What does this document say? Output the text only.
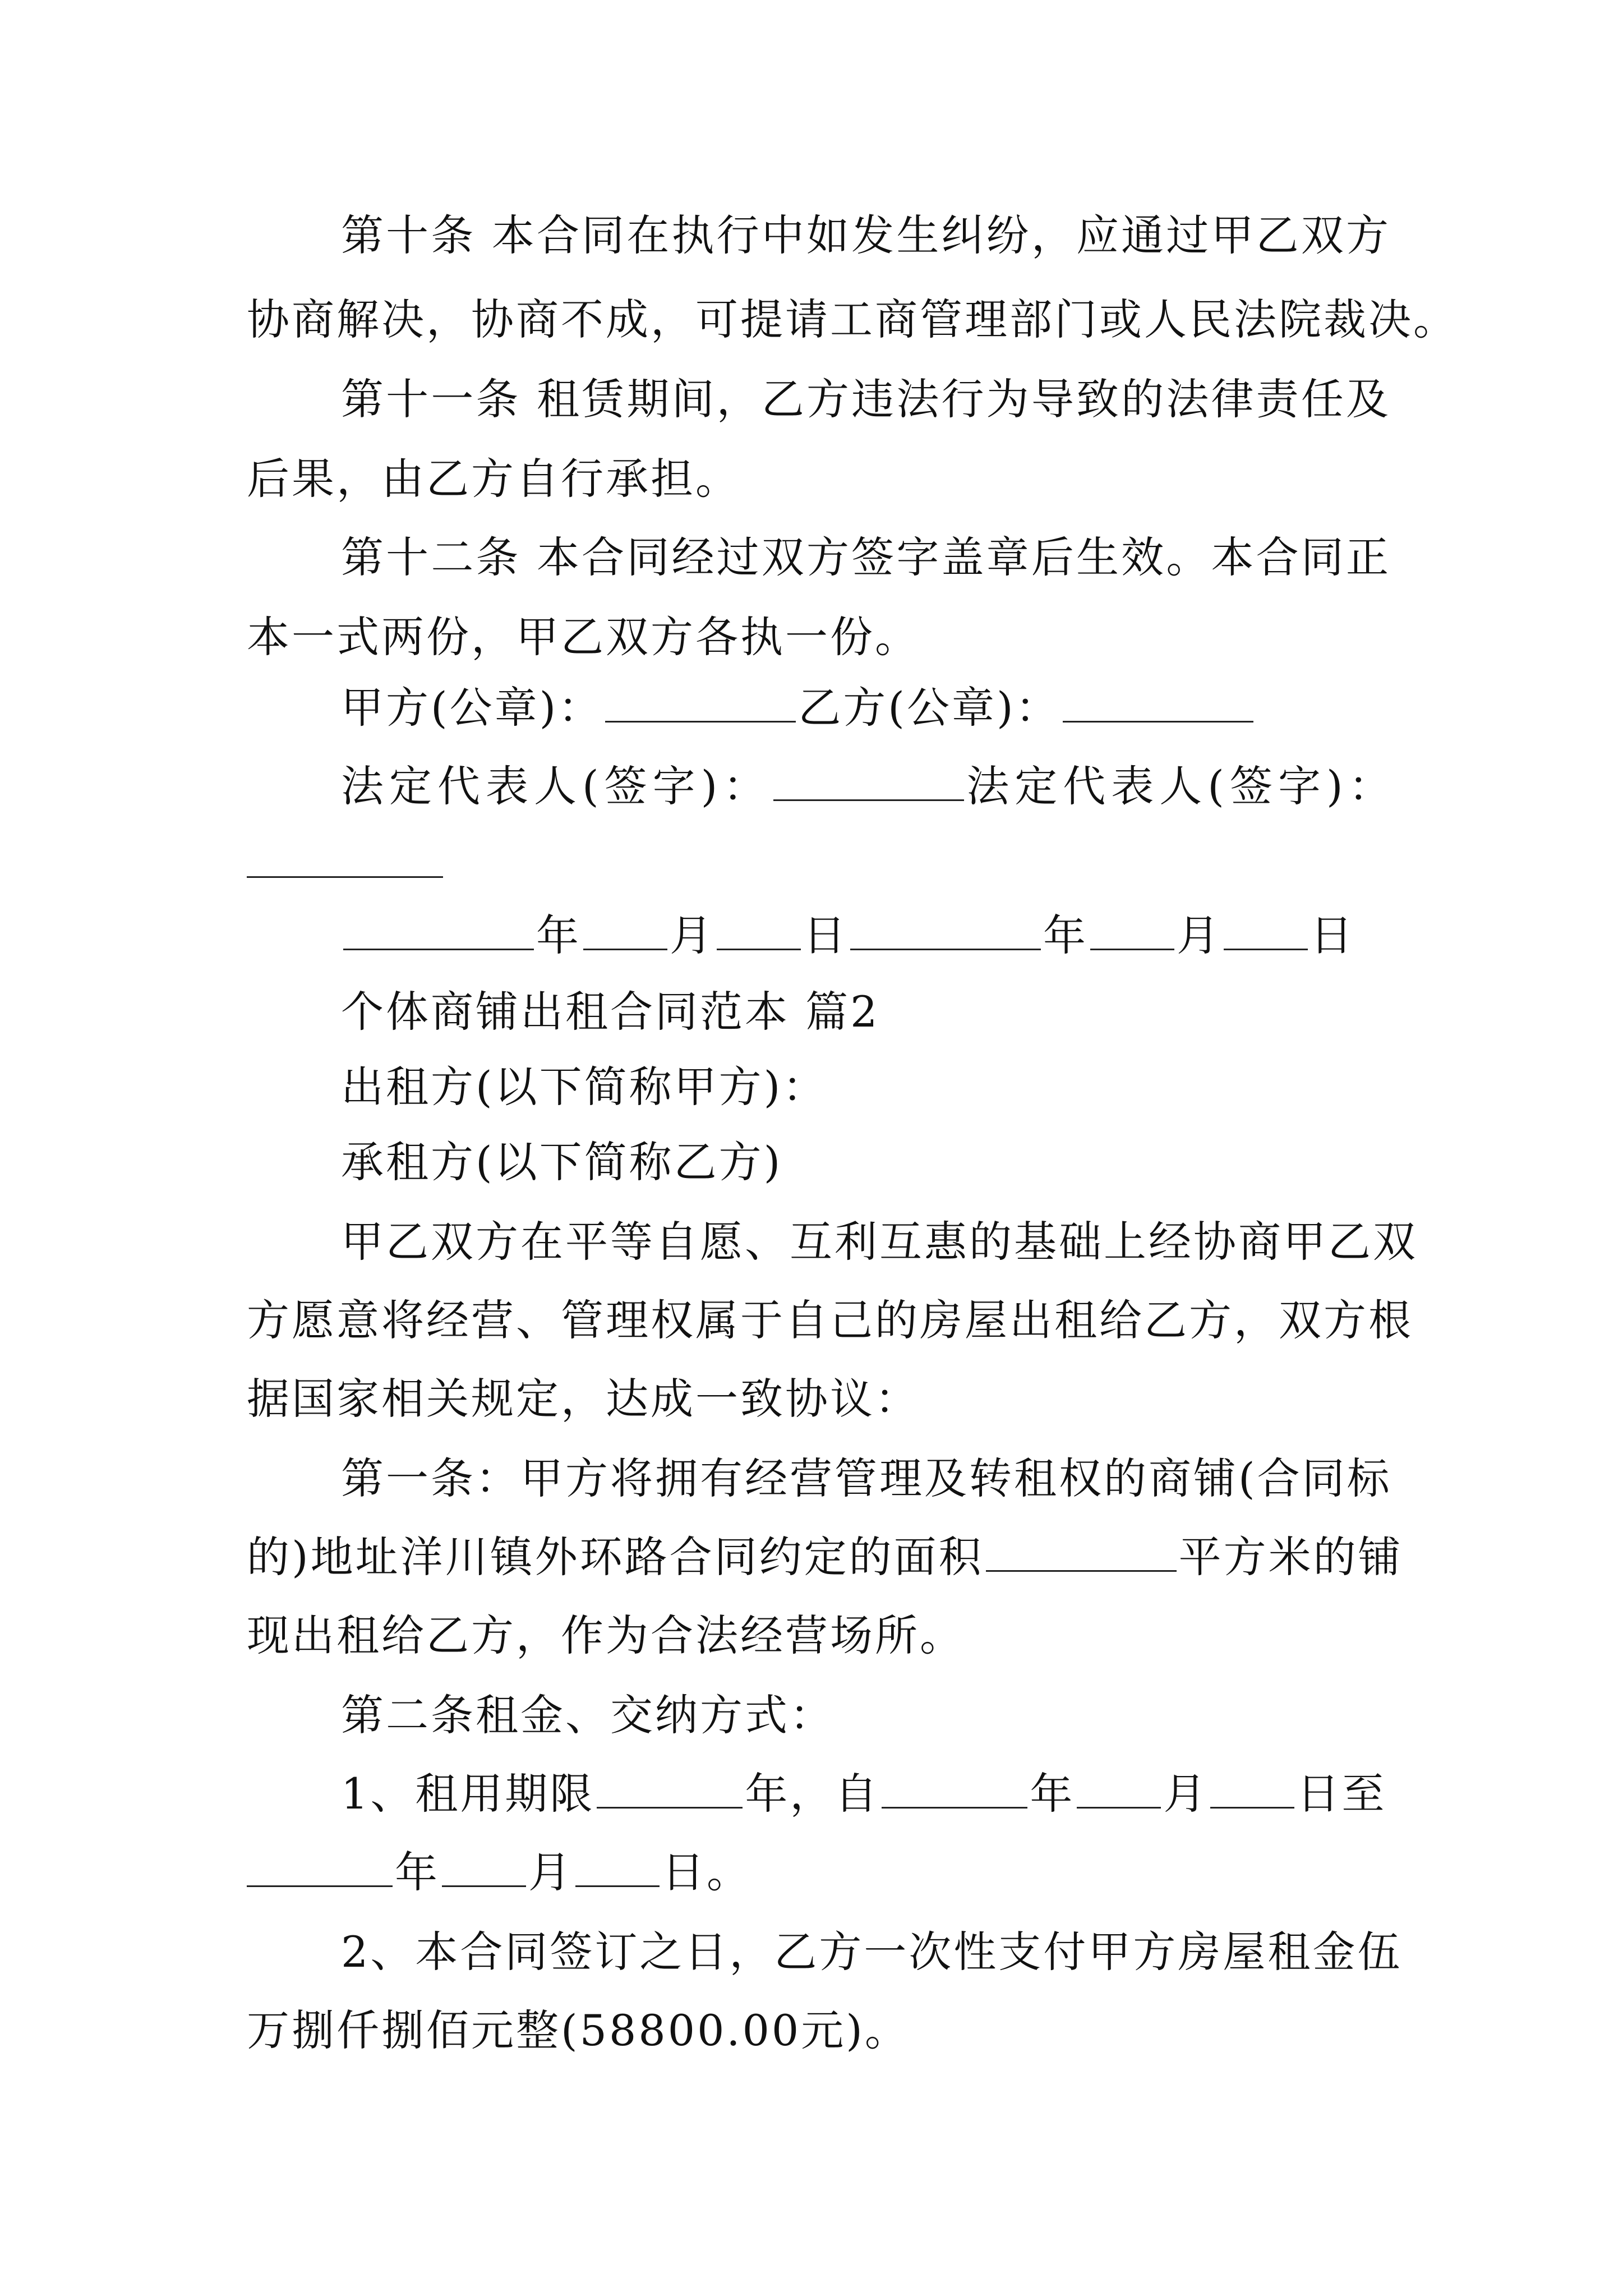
第十条 本合同在执行中如发生纠纷，应通过甲乙双方
协商解决，协商不成，可提请工商管理部门或人民法院裁决。
第十一条 租赁期间，乙方违法行为导致的法律责任及
后果，由乙方自行承担。
第十二条 本合同经过双方签字盖章后生效。本合同正
本一式两份，甲乙双方各执一份。
甲方(公章)：	乙方(公章)：
法定代表人(签字)：	法定代表人(签字)：
年 月 日	年 月 日
个体商铺出租合同范本 篇2
出租方(以下简称甲方)：
承租方(以下简称乙方)
甲乙双方在平等自愿、互利互惠的基础上经协商甲乙双
方愿意将经营、管理权属于自己的房屋出租给乙方，双方根
据国家相关规定，达成一致协议：
第一条：甲方将拥有经营管理及转租权的商铺(合同标
的)地址洋川镇外环路合同约定的面积	平方米的铺
现出租给乙方，作为合法经营场所。
第二条租金、交纳方式：
1、租用期限	年，自	年 月 日至
年 月 日。
2、本合同签订之日，乙方一次性支付甲方房屋租金伍
万捌仟捌佰元整(58800.00元)。
